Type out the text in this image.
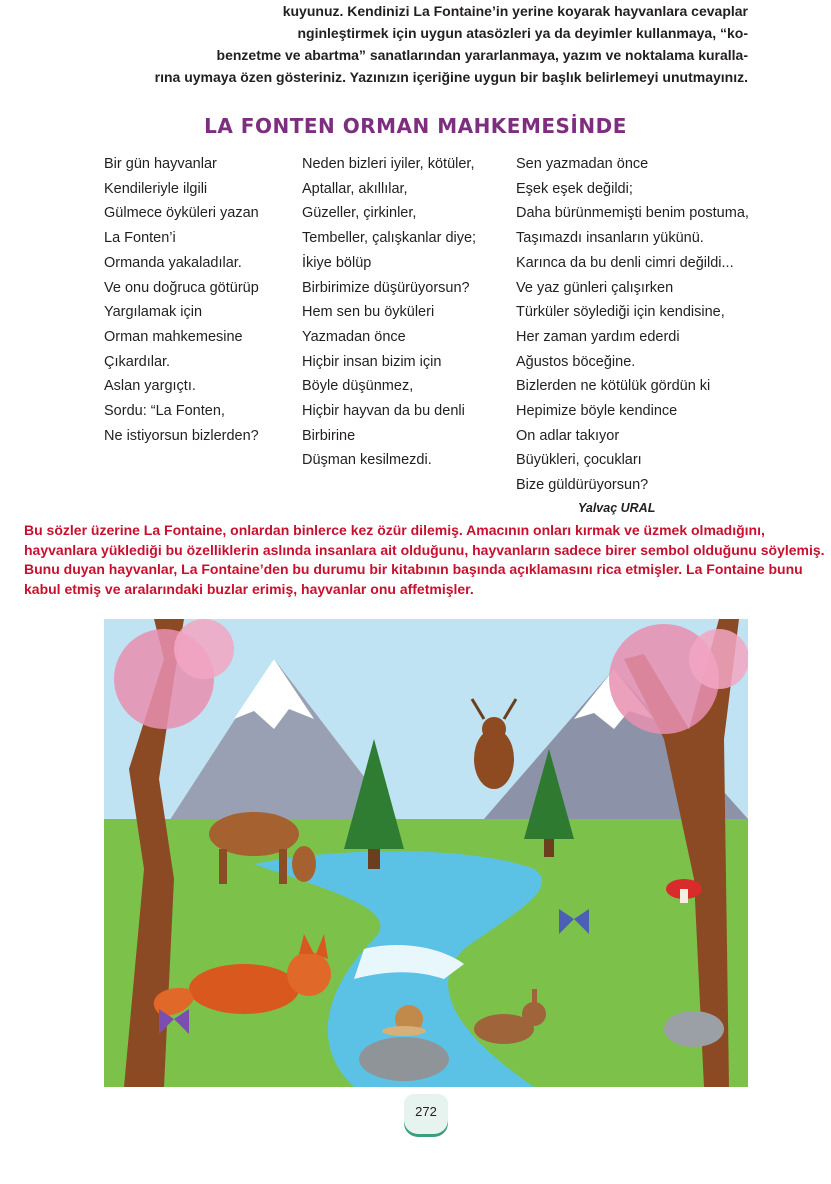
kuyunuz. Kendinizi La Fontaine’in yerine koyarak hayvanlara cevaplar
nginleştirmek için uygun atasözleri ya da deyimler kullanmaya, “ko-
benzetme ve abartma” sanatlarından yararlanmaya, yazım ve noktalama kuralla-
rına uymaya özen gösteriniz. Yazınızın içeriğine uygun bir başlık belirlemeyi unutmayınız.
LA FONTEN ORMAN MAHKEMESİNDE
Bir gün hayvanlar
Kendileriyle ilgili
Gülmece öyküleri yazan
La Fonten’i
Ormanda yakaladılar.
Ve onu doğruca götürüp
Yargılamak için
Orman mahkemesine
Çıkardılar.
Aslan yargıçtı.
Sordu: “La Fonten,
Ne istiyorsun bizlerden?
Neden bizleri iyiler, kötüler,
Aptallar, akıllılar,
Güzeller, çirkinler,
Tembeller, çalışkanlar diye;
İkiye bölüp
Birbirimize düşürüyorsun?
Hem sen bu öyküleri
Yazmadan önce
Hiçbir insan bizim için
Böyle düşünmez,
Hiçbir hayvan da bu denli
Birbirine
Düşman kesilmezdi.
Sen yazmadan önce
Eşek eşek değildi;
Daha bürünmemişti benim postuma,
Taşımazdı insanların yükünü.
Karınca da bu denli cimri değildi...
Ve yaz günleri çalışırken
Türküler söylediği için kendisine,
Her zaman yardım ederdi
Ağustos böceğine.
Bizlerden ne kötülük gördün ki
Hepimize böyle kendince
On adlar takıyor
Büyükleri, çocukları
Bize güldürüyorsun?
Yalvaç URAL
Bu sözler üzerine La Fontaine, onlardan binlerce kez özür dilemiş. Amacının onları kırmak ve üzmek olmadığını,
hayvanlara yüklediği bu özelliklerin aslında insanlara ait olduğunu, hayvanların sadece birer sembol olduğunu söylemiş.
Bunu duyan hayvanlar, La Fontaine’den bu durumu bir kitabının başında açıklamasını rica etmişler. La Fontaine bunu
kabul etmiş ve aralarındaki buzlar erimiş, hayvanlar onu affetmişler.
272
